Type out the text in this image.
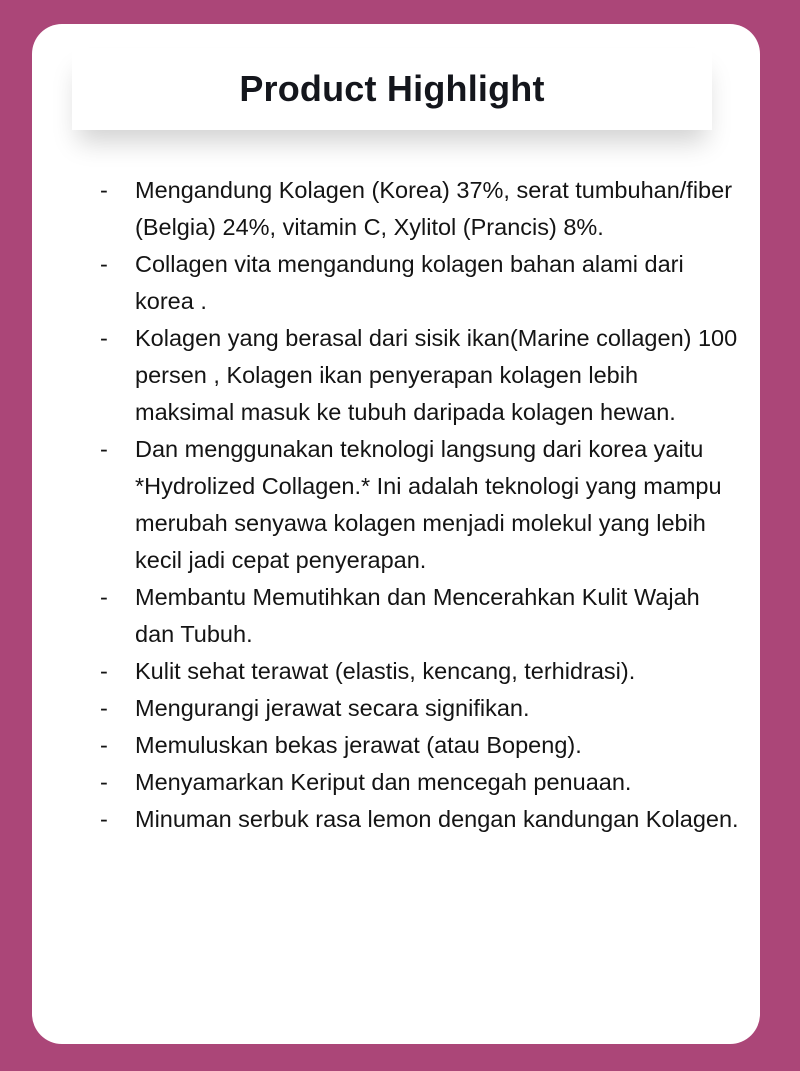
Product Highlight
-	Mengandung Kolagen (Korea) 37%, serat tumbuhan/fiber (Belgia) 24%, vitamin C, Xylitol (Prancis) 8%.
-	Collagen vita mengandung kolagen bahan alami dari korea .
-	Kolagen yang berasal dari sisik ikan(Marine collagen) 100 persen , Kolagen ikan penyerapan kolagen lebih maksimal masuk ke tubuh daripada kolagen hewan.
-	Dan menggunakan teknologi langsung dari korea yaitu *Hydrolized Collagen.* Ini adalah teknologi yang mampu merubah senyawa kolagen menjadi molekul yang lebih kecil jadi cepat penyerapan.
-	Membantu Memutihkan dan Mencerahkan Kulit Wajah dan Tubuh.
-	Kulit sehat terawat (elastis, kencang, terhidrasi).
-	Mengurangi jerawat secara signifikan.
-	Memuluskan bekas jerawat (atau Bopeng).
-	Menyamarkan Keriput dan mencegah penuaan.
-	Minuman serbuk rasa lemon dengan kandungan Kolagen.
